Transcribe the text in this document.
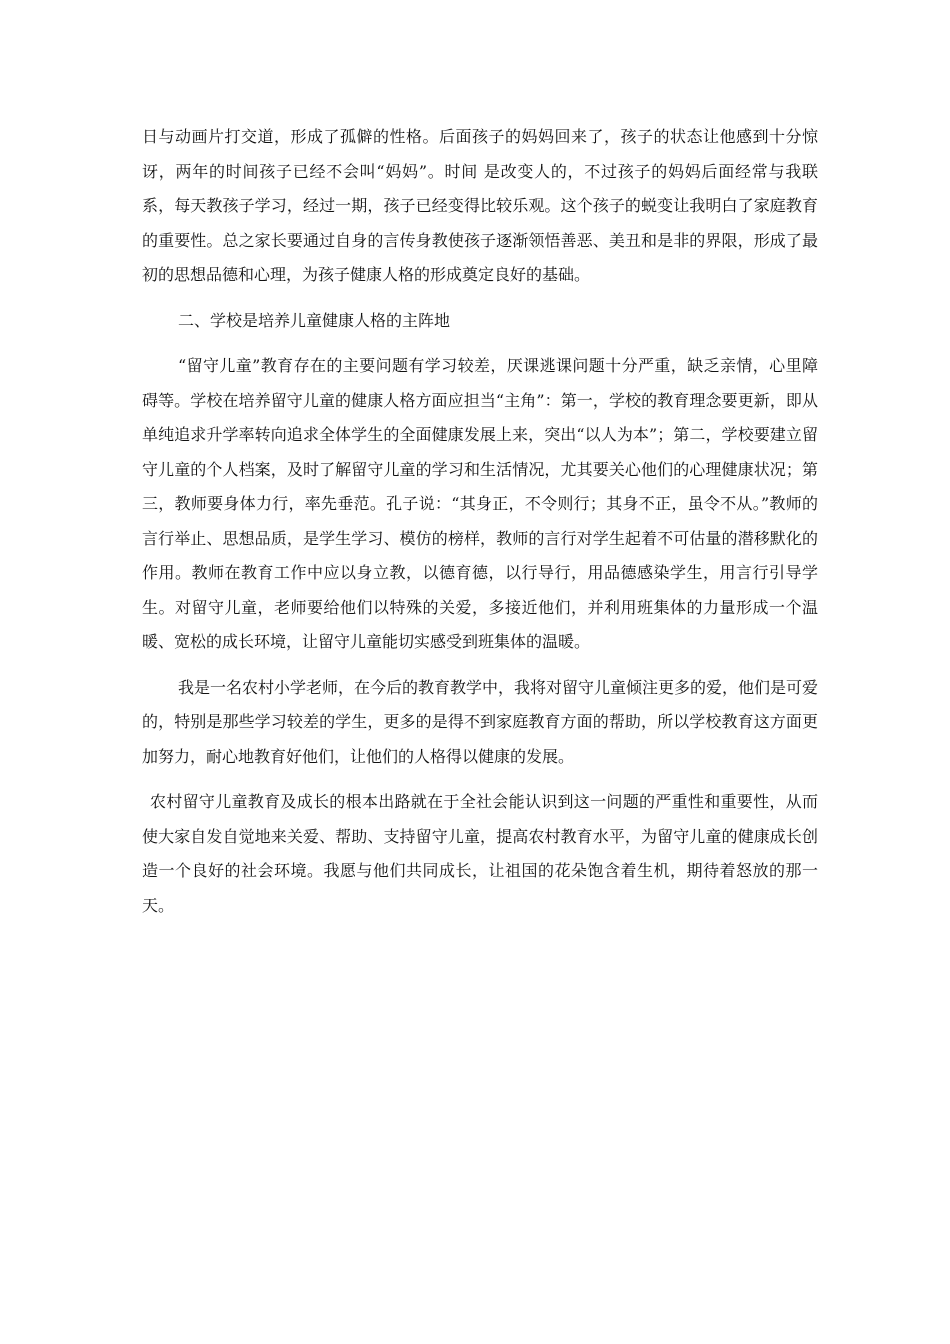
日与动画片打交道，形成了孤僻的性格。后面孩子的妈妈回来了，孩子的状态让他感到十分惊讶，两年的时间孩子已经不会叫“妈妈”。时间 是改变人的，不过孩子的妈妈后面经常与我联系，每天教孩子学习，经过一期，孩子已经变得比较乐观。这个孩子的蜕变让我明白了家庭教育的重要性。总之家长要通过自身的言传身教使孩子逐渐领悟善恶、美丑和是非的界限，形成了最初的思想品德和心理，为孩子健康人格的形成奠定良好的基础。

二、学校是培养儿童健康人格的主阵地

“留守儿童”教育存在的主要问题有学习较差，厌课逃课问题十分严重，缺乏亲情，心里障碍等。学校在培养留守儿童的健康人格方面应担当“主角”：第一，学校的教育理念要更新，即从单纯追求升学率转向追求全体学生的全面健康发展上来，突出“以人为本”；第二，学校要建立留守儿童的个人档案，及时了解留守儿童的学习和生活情况，尤其要关心他们的心理健康状况；第三，教师要身体力行，率先垂范。孔子说：“其身正，不令则行；其身不正，虽令不从。”教师的言行举止、思想品质，是学生学习、模仿的榜样，教师的言行对学生起着不可估量的潜移默化的作用。教师在教育工作中应以身立教，以德育德，以行导行，用品德感染学生，用言行引导学生。对留守儿童，老师要给他们以特殊的关爱，多接近他们，并利用班集体的力量形成一个温暖、宽松的成长环境，让留守儿童能切实感受到班集体的温暖。

我是一名农村小学老师，在今后的教育教学中，我将对留守儿童倾注更多的爱，他们是可爱的，特别是那些学习较差的学生，更多的是得不到家庭教育方面的帮助，所以学校教育这方面更加努力，耐心地教育好他们，让他们的人格得以健康的发展。

农村留守儿童教育及成长的根本出路就在于全社会能认识到这一问题的严重性和重要性，从而使大家自发自觉地来关爱、帮助、支持留守儿童，提高农村教育水平，为留守儿童的健康成长创造一个良好的社会环境。我愿与他们共同成长，让祖国的花朵饱含着生机，期待着怒放的那一天。
